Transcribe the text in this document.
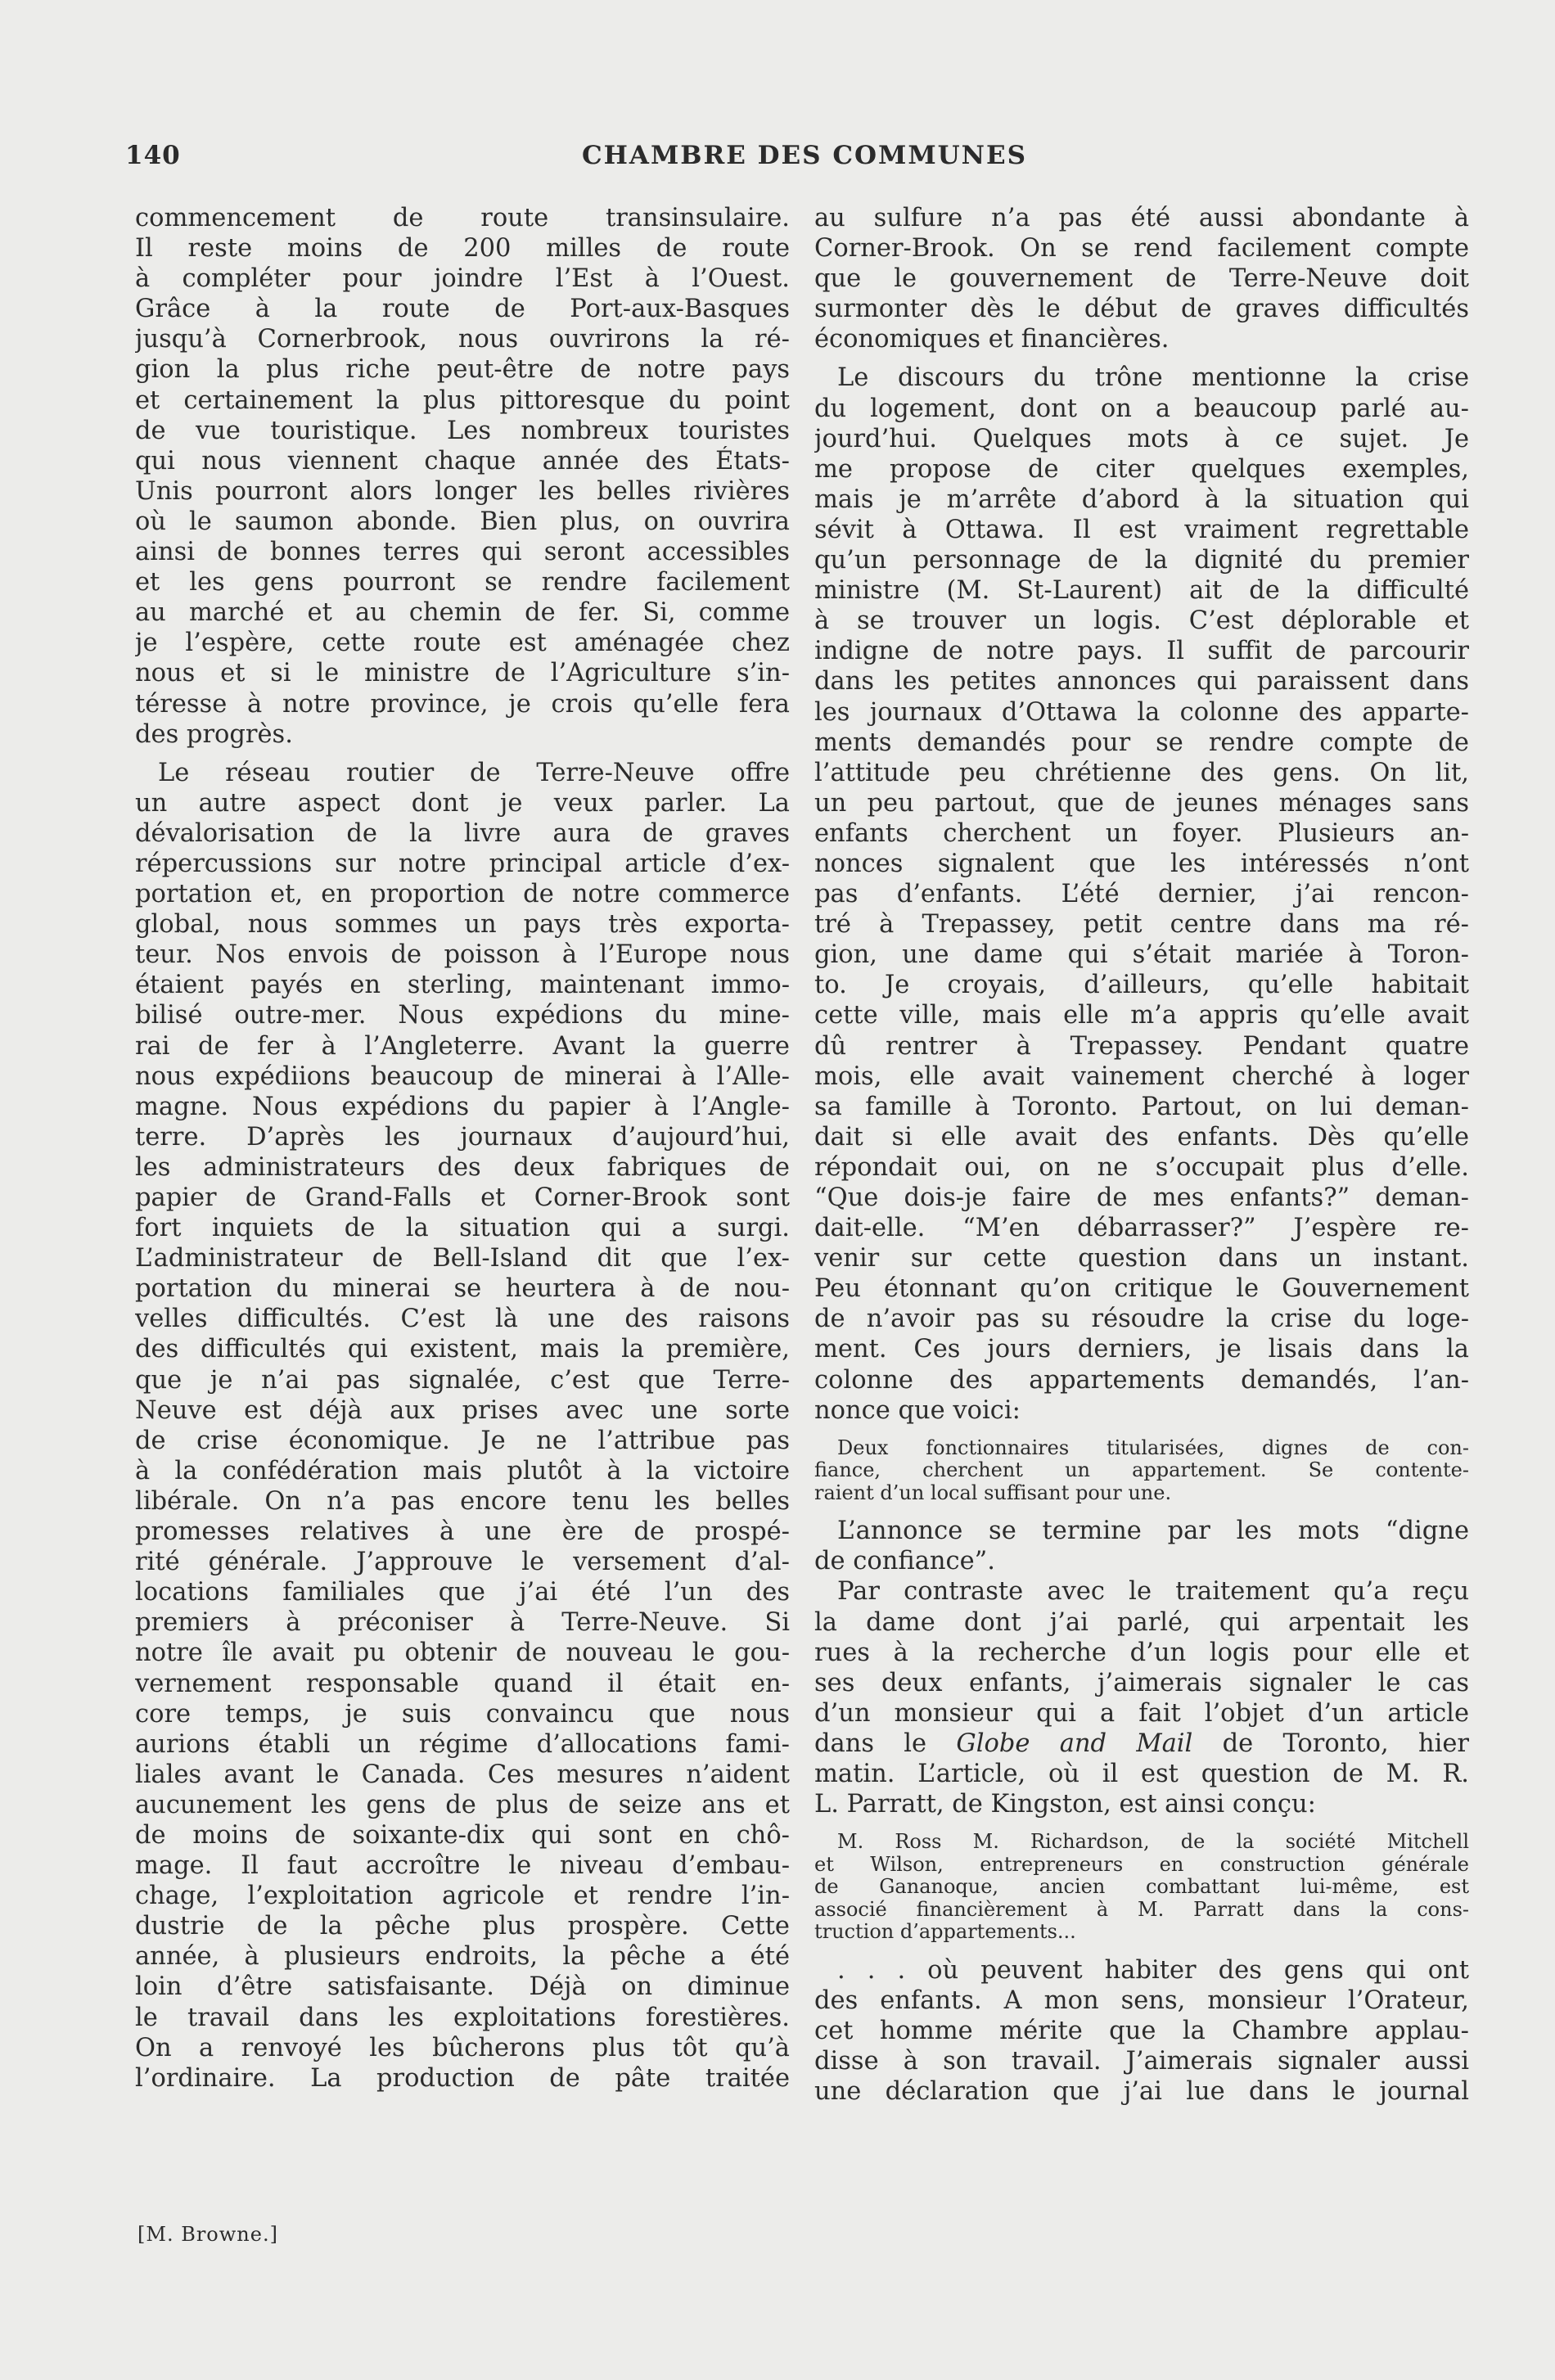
140	CHAMBRE DES COMMUNES
commencement de route transinsulaire.
Il reste moins de 200 milles de route
à compléter pour joindre l’Est à l’Ouest.
Grâce à la route de Port-aux-Basques
jusqu’à Cornerbrook, nous ouvrirons la ré-
gion la plus riche peut-être de notre pays
et certainement la plus pittoresque du point
de vue touristique. Les nombreux touristes
qui nous viennent chaque année des États-
Unis pourront alors longer les belles rivières
où le saumon abonde. Bien plus, on ouvrira
ainsi de bonnes terres qui seront accessibles
et les gens pourront se rendre facilement
au marché et au chemin de fer. Si, comme
je l’espère, cette route est aménagée chez
nous et si le ministre de l’Agriculture s’in-
téresse à notre province, je crois qu’elle fera
des progrès.
Le réseau routier de Terre-Neuve offre
un autre aspect dont je veux parler. La
dévalorisation de la livre aura de graves
répercussions sur notre principal article d’ex-
portation et, en proportion de notre commerce
global, nous sommes un pays très exporta-
teur. Nos envois de poisson à l’Europe nous
étaient payés en sterling, maintenant immo-
bilisé outre-mer. Nous expédions du mine-
rai de fer à l’Angleterre. Avant la guerre
nous expédiions beaucoup de minerai à l’Alle-
magne. Nous expédions du papier à l’Angle-
terre. D’après les journaux d’aujourd’hui,
les administrateurs des deux fabriques de
papier de Grand-Falls et Corner-Brook sont
fort inquiets de la situation qui a surgi.
L’administrateur de Bell-Island dit que l’ex-
portation du minerai se heurtera à de nou-
velles difficultés. C’est là une des raisons
des difficultés qui existent, mais la première,
que je n’ai pas signalée, c’est que Terre-
Neuve est déjà aux prises avec une sorte
de crise économique. Je ne l’attribue pas
à la confédération mais plutôt à la victoire
libérale. On n’a pas encore tenu les belles
promesses relatives à une ère de prospé-
rité générale. J’approuve le versement d’al-
locations familiales que j’ai été l’un des
premiers à préconiser à Terre-Neuve. Si
notre île avait pu obtenir de nouveau le gou-
vernement responsable quand il était en-
core temps, je suis convaincu que nous
aurions établi un régime d’allocations fami-
liales avant le Canada. Ces mesures n’aident
aucunement les gens de plus de seize ans et
de moins de soixante-dix qui sont en chô-
mage. Il faut accroître le niveau d’embau-
chage, l’exploitation agricole et rendre l’in-
dustrie de la pêche plus prospère. Cette
année, à plusieurs endroits, la pêche a été
loin d’être satisfaisante. Déjà on diminue
le travail dans les exploitations forestières.
On a renvoyé les bûcherons plus tôt qu’à
l’ordinaire. La production de pâte traitée
au sulfure n’a pas été aussi abondante à
Corner-Brook. On se rend facilement compte
que le gouvernement de Terre-Neuve doit
surmonter dès le début de graves difficultés
économiques et financières.
Le discours du trône mentionne la crise
du logement, dont on a beaucoup parlé au-
jourd’hui. Quelques mots à ce sujet. Je
me propose de citer quelques exemples,
mais je m’arrête d’abord à la situation qui
sévit à Ottawa. Il est vraiment regrettable
qu’un personnage de la dignité du premier
ministre (M. St-Laurent) ait de la difficulté
à se trouver un logis. C’est déplorable et
indigne de notre pays. Il suffit de parcourir
dans les petites annonces qui paraissent dans
les journaux d’Ottawa la colonne des apparte-
ments demandés pour se rendre compte de
l’attitude peu chrétienne des gens. On lit,
un peu partout, que de jeunes ménages sans
enfants cherchent un foyer. Plusieurs an-
nonces signalent que les intéressés n’ont
pas d’enfants. L’été dernier, j’ai rencon-
tré à Trepassey, petit centre dans ma ré-
gion, une dame qui s’était mariée à Toron-
to. Je croyais, d’ailleurs, qu’elle habitait
cette ville, mais elle m’a appris qu’elle avait
dû rentrer à Trepassey. Pendant quatre
mois, elle avait vainement cherché à loger
sa famille à Toronto. Partout, on lui deman-
dait si elle avait des enfants. Dès qu’elle
répondait oui, on ne s’occupait plus d’elle.
“Que dois-je faire de mes enfants?” deman-
dait-elle. “M’en débarrasser?” J’espère re-
venir sur cette question dans un instant.
Peu étonnant qu’on critique le Gouvernement
de n’avoir pas su résoudre la crise du loge-
ment. Ces jours derniers, je lisais dans la
colonne des appartements demandés, l’an-
nonce que voici:
Deux fonctionnaires titularisées, dignes de con-
fiance, cherchent un appartement. Se contente-
raient d’un local suffisant pour une.
L’annonce se termine par les mots “digne
de confiance”.
Par contraste avec le traitement qu’a reçu
la dame dont j’ai parlé, qui arpentait les
rues à la recherche d’un logis pour elle et
ses deux enfants, j’aimerais signaler le cas
d’un monsieur qui a fait l’objet d’un article
dans le Globe and Mail de Toronto, hier
matin. L’article, où il est question de M. R.
L. Parratt, de Kingston, est ainsi conçu:
M. Ross M. Richardson, de la société Mitchell
et Wilson, entrepreneurs en construction générale
de Gananoque, ancien combattant lui-même, est
associé financièrement à M. Parratt dans la cons-
truction d’appartements...
. . . où peuvent habiter des gens qui ont
des enfants. A mon sens, monsieur l’Orateur,
cet homme mérite que la Chambre applau-
disse à son travail. J’aimerais signaler aussi
une déclaration que j’ai lue dans le journal
[M. Browne.]
